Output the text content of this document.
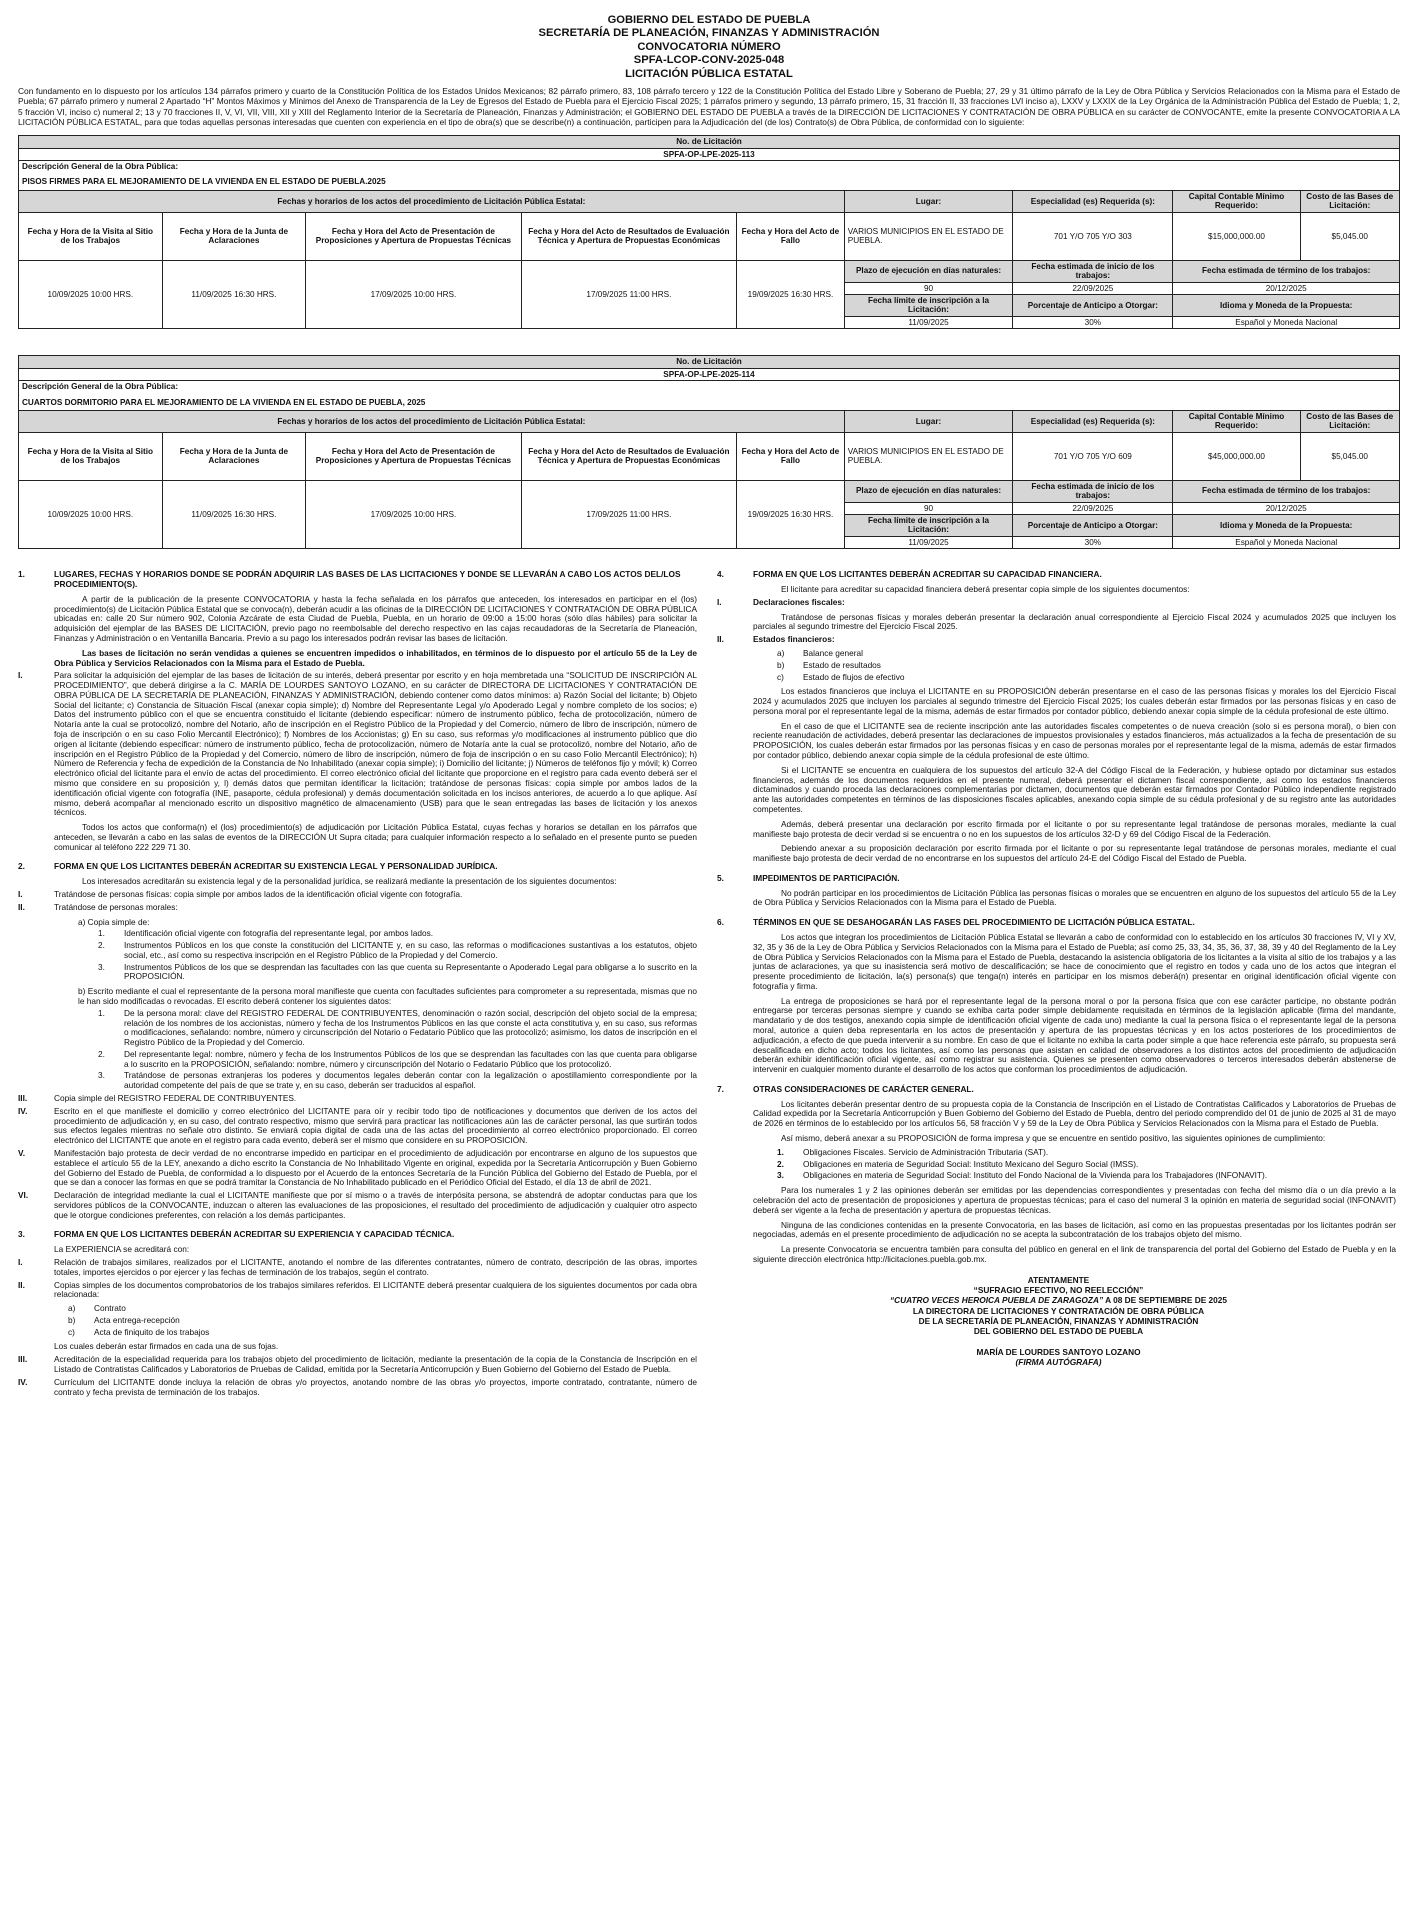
GOBIERNO DEL ESTADO DE PUEBLA
SECRETARÍA DE PLANEACIÓN, FINANZAS Y ADMINISTRACIÓN
CONVOCATORIA NÚMERO
SPFA-LCOP-CONV-2025-048
LICITACIÓN PÚBLICA ESTATAL
Con fundamento en lo dispuesto por los artículos 134 párrafos primero y cuarto de la Constitución Política de los Estados Unidos Mexicanos; 82 párrafo primero, 83, 108 párrafo tercero y 122 de la Constitución Política del Estado Libre y Soberano de Puebla; 27, 29 y 31 último párrafo de la Ley de Obra Pública y Servicios Relacionados con la Misma para el Estado de Puebla; 67 párrafo primero y numeral 2 Apartado “H” Montos Máximos y Mínimos del Anexo de Transparencia de la Ley de Egresos del Estado de Puebla para el Ejercicio Fiscal 2025; 1 párrafos primero y segundo, 13 párrafo primero, 15, 31 fracción II, 33 fracciones LVI inciso a), LXXV y LXXIX de la Ley Orgánica de la Administración Pública del Estado de Puebla; 1, 2, 5 fracción VI, inciso c) numeral 2; 13 y 70 fracciones II, V, VI, VII, VIII, XII y XIII del Reglamento Interior de la Secretaría de Planeación, Finanzas y Administración; el GOBIERNO DEL ESTADO DE PUEBLA a través de la DIRECCIÓN DE LICITACIONES Y CONTRATACIÓN DE OBRA PÚBLICA en su carácter de CONVOCANTE, emite la presente CONVOCATORIA A LA LICITACIÓN PÚBLICA ESTATAL, para que todas aquellas personas interesadas que cuenten con experiencia en el tipo de obra(s) que se describe(n) a continuación, participen para la Adjudicación del (de los) Contrato(s) de Obra Pública, de conformidad con lo siguiente:
No. de Licitación								
SPFA-OP-LPE-2025-113								
Descripción General de la Obra Pública:								
PISOS FIRMES PARA EL MEJORAMIENTO DE LA VIVIENDA EN EL ESTADO DE PUEBLA.2025								
Fechas y horarios de los actos del procedimiento de Licitación Pública Estatal:					Lugar:	Especialidad (es) Requerida (s):	Capital Contable Mínimo Requerido:	Costo de las Bases de Licitación:
Fecha y Hora de la Visita al Sitio de los Trabajos	Fecha y Hora de la Junta de Aclaraciones	Fecha y Hora del Acto de Presentación de Proposiciones y Apertura de Propuestas Técnicas	Fecha y Hora del Acto de Resultados de Evaluación Técnica y Apertura de Propuestas Económicas	Fecha y Hora del Acto de Fallo	VARIOS MUNICIPIOS EN EL ESTADO DE PUEBLA.	701 Y/O 705 Y/O 303	$15,000,000.00	$5,045.00
10/09/2025 10:00 HRS.	11/09/2025 16:30 HRS.	17/09/2025 10:00 HRS.	17/09/2025 11:00 HRS.	19/09/2025 16:30 HRS.	Plazo de ejecución en días naturales:	Fecha estimada de inicio de los trabajos:	Fecha estimada de término de los trabajos:	
					90	22/09/2025	20/12/2025	
					Fecha límite de inscripción a la Licitación:	Porcentaje de Anticipo a Otorgar:	Idioma y Moneda de la Propuesta:	
					11/09/2025	30%	Español y Moneda Nacional	
No. de Licitación								
SPFA-OP-LPE-2025-114								
Descripción General de la Obra Pública:								
CUARTOS DORMITORIO PARA EL MEJORAMIENTO DE LA VIVIENDA EN EL ESTADO DE PUEBLA, 2025								
Fechas y horarios de los actos del procedimiento de Licitación Pública Estatal:					Lugar:	Especialidad (es) Requerida (s):	Capital Contable Mínimo Requerido:	Costo de las Bases de Licitación:
Fecha y Hora de la Visita al Sitio de los Trabajos	Fecha y Hora de la Junta de Aclaraciones	Fecha y Hora del Acto de Presentación de Proposiciones y Apertura de Propuestas Técnicas	Fecha y Hora del Acto de Resultados de Evaluación Técnica y Apertura de Propuestas Económicas	Fecha y Hora del Acto de Fallo	VARIOS MUNICIPIOS EN EL ESTADO DE PUEBLA.	701 Y/O 705 Y/O 609	$45,000,000.00	$5,045.00
10/09/2025 10:00 HRS.	11/09/2025 16:30 HRS.	17/09/2025 10:00 HRS.	17/09/2025 11:00 HRS.	19/09/2025 16:30 HRS.	Plazo de ejecución en días naturales:	Fecha estimada de inicio de los trabajos:	Fecha estimada de término de los trabajos:	
					90	22/09/2025	20/12/2025	
					Fecha límite de inscripción a la Licitación:	Porcentaje de Anticipo a Otorgar:	Idioma y Moneda de la Propuesta:	
					11/09/2025	30%	Español y Moneda Nacional	
1.	LUGARES, FECHAS Y HORARIOS DONDE SE PODRÁN ADQUIRIR LAS BASES DE LAS LICITACIONES Y DONDE SE LLEVARÁN A CABO LOS ACTOS DEL/LOS PROCEDIMIENTO(S).

A partir de la publicación de la presente CONVOCATORIA y hasta la fecha señalada en los párrafos que anteceden, los interesados en participar en el (los) procedimiento(s) de Licitación Pública Estatal que se convoca(n), deberán acudir a las oficinas de la DIRECCIÓN DE LICITACIONES Y CONTRATACIÓN DE OBRA PÚBLICA ubicadas en: calle 20 Sur número 902, Colonia Azcárate de esta Ciudad de Puebla, Puebla, en un horario de 09:00 a 15:00 horas (sólo días hábiles) para solicitar la adquisición del ejemplar de las BASES DE LICITACIÓN, previo pago no reembolsable del derecho respectivo en las cajas recaudadoras de la Secretaría de Planeación, Finanzas y Administración o en Ventanilla Bancaria. Previo a su pago los interesados podrán revisar las bases de licitación.

Las bases de licitación no serán vendidas a quienes se encuentren impedidos o inhabilitados, en términos de lo dispuesto por el artículo 55 de la Ley de Obra Pública y Servicios Relacionados con la Misma para el Estado de Puebla.

I.	Para solicitar la adquisición del ejemplar de las bases de licitación de su interés, deberá presentar por escrito y en hoja membretada una “SOLICITUD DE INSCRIPCIÓN AL PROCEDIMIENTO”, que deberá dirigirse a la C. MARÍA DE LOURDES SANTOYO LOZANO, en su carácter de DIRECTORA DE LICITACIONES Y CONTRATACIÓN DE OBRA PÚBLICA DE LA SECRETARÍA DE PLANEACIÓN, FINANZAS Y ADMINISTRACIÓN, debiendo contener como datos mínimos: a) Razón Social del licitante; b) Objeto Social del licitante; c) Constancia de Situación Fiscal (anexar copia simple); d) Nombre del Representante Legal y/o Apoderado Legal y nombre completo de los socios; e) Datos del instrumento público con el que se encuentra constituido el licitante (debiendo especificar: número de instrumento público, fecha de protocolización, número de Notaría ante la cual se protocolizó, nombre del Notario, año de inscripción en el Registro Público de la Propiedad y del Comercio, número de libro de inscripción, número de foja de inscripción o en su caso Folio Mercantil Electrónico); f) Nombres de los Accionistas; g) En su caso, sus reformas y/o modificaciones al instrumento público que dio origen al licitante (debiendo especificar: número de instrumento público, fecha de protocolización, número de Notaría ante la cual se protocolizó, nombre del Notario, año de inscripción en el Registro Público de la Propiedad y del Comercio, número de libro de inscripción, número de foja de inscripción o en su caso Folio Mercantil Electrónico); h) Número de Referencia y fecha de expedición de la Constancia de No Inhabilitado (anexar copia simple); i) Domicilio del licitante; j) Números de teléfonos fijo y móvil; k) Correo electrónico oficial del licitante para el envío de actas del procedimiento. El correo electrónico oficial del licitante que proporcione en el registro para cada evento deberá ser el mismo que considere en su proposición y, l) demás datos que permitan identificar la licitación; tratándose de personas físicas: copia simple por ambos lados de la identificación oficial vigente con fotografía (INE, pasaporte, cédula profesional) y demás documentación solicitada en los incisos anteriores, de acuerdo a lo que aplique. Así mismo, deberá acompañar al mencionado escrito un dispositivo magnético de almacenamiento (USB) para que le sean entregadas las bases de licitación y los anexos técnicos.

Todos los actos que conforma(n) el (los) procedimiento(s) de adjudicación por Licitación Pública Estatal, cuyas fechas y horarios se detallan en los párrafos que anteceden, se llevarán a cabo en las salas de eventos de la DIRECCIÓN Ut Supra citada; para cualquier información respecto a lo señalado en el presente punto se pueden comunicar al teléfono 222 229 71 30.

2.	FORMA EN QUE LOS LICITANTES DEBERÁN ACREDITAR SU EXISTENCIA LEGAL Y PERSONALIDAD JURÍDICA.

Los interesados acreditarán su existencia legal y de la personalidad jurídica, se realizará mediante la presentación de los siguientes documentos:

I.	Tratándose de personas físicas: copia simple por ambos lados de la identificación oficial vigente con fotografía.
II.	Tratándose de personas morales:
a) Copia simple de:
1.	Identificación oficial vigente con fotografía del representante legal, por ambos lados.
2.	Instrumentos Públicos en los que conste la constitución del LICITANTE y, en su caso, las reformas o modificaciones sustantivas a los estatutos, objeto social, etc., así como su respectiva inscripción en el Registro Público de la Propiedad y del Comercio.
3.	Instrumentos Públicos de los que se desprendan las facultades con las que cuenta su Representante o Apoderado Legal para obligarse a lo suscrito en la PROPOSICIÓN.
b) Escrito mediante el cual el representante de la persona moral manifieste que cuenta con facultades suficientes para comprometer a su representada, mismas que no le han sido modificadas o revocadas. El escrito deberá contener los siguientes datos:
1.	De la persona moral: clave del REGISTRO FEDERAL DE CONTRIBUYENTES, denominación o razón social, descripción del objeto social de la empresa; relación de los nombres de los accionistas, número y fecha de los Instrumentos Públicos en las que conste el acta constitutiva y, en su caso, sus reformas o modificaciones, señalando: nombre, número y circunscripción del Notario o Fedatario Público que las protocolizó; asimismo, los datos de inscripción en el Registro Público de la Propiedad y del Comercio.
2.	Del representante legal: nombre, número y fecha de los Instrumentos Públicos de los que se desprendan las facultades con las que cuenta para obligarse a lo suscrito en la PROPOSICIÓN, señalando: nombre, número y circunscripción del Notario o Fedatario Público que los protocolizó.
3.	Tratándose de personas extranjeras los poderes y documentos legales deberán contar con la legalización o apostillamiento correspondiente por la autoridad competente del país de que se trate y, en su caso, deberán ser traducidos al español.
III.	Copia simple del REGISTRO FEDERAL DE CONTRIBUYENTES.
IV.	Escrito en el que manifieste el domicilio y correo electrónico del LICITANTE para oír y recibir todo tipo de notificaciones y documentos que deriven de los actos del procedimiento de adjudicación y, en su caso, del contrato respectivo, mismo que servirá para practicar las notificaciones aún las de carácter personal, las que surtirán todos sus efectos legales mientras no señale otro distinto. Se enviará copia digital de cada una de las actas del procedimiento al correo electrónico proporcionado. El correo electrónico del LICITANTE que anote en el registro para cada evento, deberá ser el mismo que considere en su PROPOSICIÓN.
V.	Manifestación bajo protesta de decir verdad de no encontrarse impedido en participar en el procedimiento de adjudicación por encontrarse en alguno de los supuestos que establece el artículo 55 de la LEY, anexando a dicho escrito la Constancia de No Inhabilitado Vigente en original, expedida por la Secretaría Anticorrupción y Buen Gobierno del Gobierno del Estado de Puebla, de conformidad a lo dispuesto por el Acuerdo de la entonces Secretaría de la Función Pública del Gobierno del Estado de Puebla, por el que se dan a conocer las formas en que se podrá tramitar la Constancia de No Inhabilitado publicado en el Periódico Oficial del Estado, el día 13 de abril de 2021.
VI.	Declaración de integridad mediante la cual el LICITANTE manifieste que por sí mismo o a través de interpósita persona, se abstendrá de adoptar conductas para que los servidores públicos de la CONVOCANTE, induzcan o alteren las evaluaciones de las proposiciones, el resultado del procedimiento de adjudicación y cualquier otro aspecto que le otorgue condiciones preferentes, con relación a los demás participantes.
3.	FORMA EN QUE LOS LICITANTES DEBERÁN ACREDITAR SU EXPERIENCIA Y CAPACIDAD TÉCNICA.

La EXPERIENCIA se acreditará con:

I.	Relación de trabajos similares, realizados por el LICITANTE, anotando el nombre de las diferentes contratantes, número de contrato, descripción de las obras, importes totales, importes ejercidos o por ejercer y las fechas de terminación de los trabajos, según el contrato.
II.	Copias simples de los documentos comprobatorios de los trabajos similares referidos. El LICITANTE deberá presentar cualquiera de los siguientes documentos por cada obra relacionada:
a)	Contrato
b)	Acta entrega-recepción
c)	Acta de finiquito de los trabajos

Los cuales deberán estar firmados en cada una de sus fojas.

III.	Acreditación de la especialidad requerida para los trabajos objeto del procedimiento de licitación, mediante la presentación de la copia de la Constancia de Inscripción en el Listado de Contratistas Calificados y Laboratorios de Pruebas de Calidad, emitida por la Secretaría Anticorrupción y Buen Gobierno del Gobierno del Estado de Puebla.
IV.	Currículum del LICITANTE donde incluya la relación de obras y/o proyectos, anotando nombre de las obras y/o proyectos, importe contratado, contratante, número de contrato y fecha prevista de terminación de los trabajos.
4.	FORMA EN QUE LOS LICITANTES DEBERÁN ACREDITAR SU CAPACIDAD FINANCIERA.

El licitante para acreditar su capacidad financiera deberá presentar copia simple de los siguientes documentos:

I.	Declaraciones fiscales:

Tratándose de personas físicas y morales deberán presentar la declaración anual correspondiente al Ejercicio Fiscal 2024 y acumulados 2025 que incluyen los parciales al segundo trimestre del Ejercicio Fiscal 2025.

II.	Estados financieros:
a)	Balance general
b)	Estado de resultados
c)	Estado de flujos de efectivo

Los estados financieros que incluya el LICITANTE en su PROPOSICIÓN deberán presentarse en el caso de las personas físicas y morales los del Ejercicio Fiscal 2024 y acumulados 2025 que incluyen los parciales al segundo trimestre del Ejercicio Fiscal 2025; los cuales deberán estar firmados por las personas físicas y en caso de persona moral por el representante legal de la misma, además de estar firmados por contador público, debiendo anexar copia simple de la cédula profesional de este último.

En el caso de que el LICITANTE sea de reciente inscripción ante las autoridades fiscales competentes o de nueva creación (solo si es persona moral), o bien con reciente reanudación de actividades, deberá presentar las declaraciones de impuestos provisionales y estados financieros, más actualizados a la fecha de presentación de su PROPOSICIÓN, los cuales deberán estar firmados por las personas físicas y en caso de personas morales por el representante legal de la misma, además de estar firmados por contador público, debiendo anexar copia simple de la cédula profesional de este último.

Si el LICITANTE se encuentra en cualquiera de los supuestos del artículo 32-A del Código Fiscal de la Federación, y hubiese optado por dictaminar sus estados financieros, además de los documentos requeridos en el presente numeral, deberá presentar el dictamen fiscal correspondiente, así como los estados financieros dictaminados y cuando proceda las declaraciones complementarias por dictamen, documentos que deberán estar firmados por Contador Público independiente registrado ante las autoridades competentes en términos de las disposiciones fiscales aplicables, anexando copia simple de su cédula profesional y de su registro ante las autoridades competentes.

Además, deberá presentar una declaración por escrito firmada por el licitante o por su representante legal tratándose de personas morales, mediante la cual manifieste bajo protesta de decir verdad si se encuentra o no en los supuestos de los artículos 32-D y 69 del Código Fiscal de la Federación.

Debiendo anexar a su proposición declaración por escrito firmada por el licitante o por su representante legal tratándose de personas morales, mediante el cual manifieste bajo protesta de decir verdad de no encontrarse en los supuestos del artículo 24-E del Código Fiscal del Estado de Puebla.

5.	IMPEDIMENTOS DE PARTICIPACIÓN.

No podrán participar en los procedimientos de Licitación Pública las personas físicas o morales que se encuentren en alguno de los supuestos del artículo 55 de la Ley de Obra Pública y Servicios Relacionados con la Misma para el Estado de Puebla.

6.	TÉRMINOS EN QUE SE DESAHOGARÁN LAS FASES DEL PROCEDIMIENTO DE LICITACIÓN PÚBLICA ESTATAL.

Los actos que integran los procedimientos de Licitación Pública Estatal se llevarán a cabo de conformidad con lo establecido en los artículos 30 fracciones IV, VI y XV, 32, 35 y 36 de la Ley de Obra Pública y Servicios Relacionados con la Misma para el Estado de Puebla; así como 25, 33, 34, 35, 36, 37, 38, 39 y 40 del Reglamento de la Ley de Obra Pública y Servicios Relacionados con la Misma para el Estado de Puebla, destacando la asistencia obligatoria de los licitantes a la visita al sitio de los trabajos y a las juntas de aclaraciones, ya que su inasistencia será motivo de descalificación; se hace de conocimiento que el registro en todos y cada uno de los actos que integran el presente procedimiento de licitación, la(s) persona(s) que tenga(n) interés en participar en los mismos deberá(n) presentar en original identificación oficial vigente con fotografía y firma.

La entrega de proposiciones se hará por el representante legal de la persona moral o por la persona física que con ese carácter participe, no obstante podrán entregarse por terceras personas siempre y cuando se exhiba carta poder simple debidamente requisitada en términos de la legislación aplicable (firma del mandante, mandatario y de dos testigos, anexando copia simple de identificación oficial vigente de cada uno) mediante la cual la persona física o el representante legal de la persona moral, autorice a quien deba representarla en los actos de presentación y apertura de las propuestas técnicas y en los actos posteriores de los procedimientos de adjudicación, a efecto de que pueda intervenir a su nombre. En caso de que el licitante no exhiba la carta poder simple a que hace referencia este párrafo, su propuesta será descalificada en dicho acto; todos los licitantes, así como las personas que asistan en calidad de observadores a los distintos actos del procedimiento de adjudicación deberán exhibir identificación oficial vigente, así como registrar su asistencia. Quienes se presenten como observadores o terceros interesados deberán abstenerse de intervenir en cualquier momento durante el desarrollo de los actos que conforman los procedimientos de adjudicación.

7.	OTRAS CONSIDERACIONES DE CARÁCTER GENERAL.

Los licitantes deberán presentar dentro de su propuesta copia de la Constancia de Inscripción en el Listado de Contratistas Calificados y Laboratorios de Pruebas de Calidad expedida por la Secretaría Anticorrupción y Buen Gobierno del Gobierno del Estado de Puebla, dentro del periodo comprendido del 01 de junio de 2025 al 31 de mayo de 2026 en términos de lo establecido por los artículos 56, 58 fracción V y 59 de la Ley de Obra Pública y Servicios Relacionados con la Misma para el Estado de Puebla.

Así mismo, deberá anexar a su PROPOSICIÓN de forma impresa y que se encuentre en sentido positivo, las siguientes opiniones de cumplimiento:

1.	Obligaciones Fiscales. Servicio de Administración Tributaria (SAT).
2.	Obligaciones en materia de Seguridad Social: Instituto Mexicano del Seguro Social (IMSS).
3.	Obligaciones en materia de Seguridad Social: Instituto del Fondo Nacional de la Vivienda para los Trabajadores (INFONAVIT).

Para los numerales 1 y 2 las opiniones deberán ser emitidas por las dependencias correspondientes y presentadas con fecha del mismo día o un día previo a la celebración del acto de presentación de proposiciones y apertura de propuestas técnicas; para el caso del numeral 3 la opinión en materia de seguridad social (INFONAVIT) deberá ser vigente a la fecha de presentación y apertura de propuestas técnicas.

Ninguna de las condiciones contenidas en la presente Convocatoria, en las bases de licitación, así como en las propuestas presentadas por los licitantes podrán ser negociadas, además en el presente procedimiento de adjudicación no se acepta la subcontratación de los trabajos objeto del mismo.

La presente Convocatoria se encuentra también para consulta del público en general en el link de transparencia del portal del Gobierno del Estado de Puebla y en la siguiente dirección electrónica http://licitaciones.puebla.gob.mx.

ATENTAMENTE
“SUFRAGIO EFECTIVO, NO REELECCIÓN”
“CUATRO VECES HEROICA PUEBLA DE ZARAGOZA” A 08 DE SEPTIEMBRE DE 2025
LA DIRECTORA DE LICITACIONES Y CONTRATACIÓN DE OBRA PÚBLICA
DE LA SECRETARÍA DE PLANEACIÓN, FINANZAS Y ADMINISTRACIÓN
DEL GOBIERNO DEL ESTADO DE PUEBLA
MARÍA DE LOURDES SANTOYO LOZANO
(FIRMA AUTÓGRAFA)
